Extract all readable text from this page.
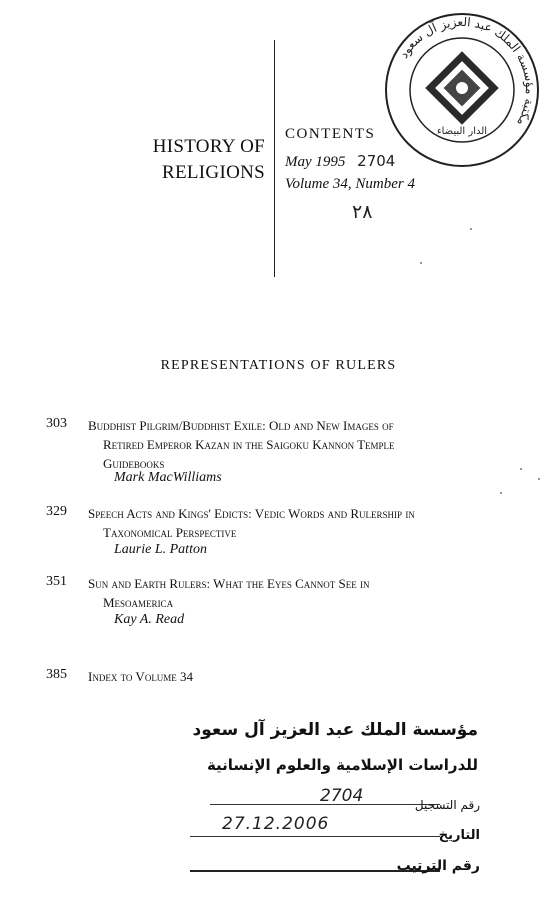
HISTORY OF
RELIGIONS
CONTENTS
May 1995 2704
Volume 34, Number 4
٢٨
مكتبة مؤسسة الملك عبد العزيز آل سعود
الدار البيضاء
REPRESENTATIONS OF RULERS
303 Buddhist Pilgrim/Buddhist Exile: Old and New Images of
Retired Emperor Kazan in the Saigoku Kannon Temple
Guidebooks
Mark MacWilliams
329 Speech Acts and Kings' Edicts: Vedic Words and Rulership in
Taxonomical Perspective
Laurie L. Patton
351 Sun and Earth Rulers: What the Eyes Cannot See in
Mesoamerica
Kay A. Read
385 Index to Volume 34
مؤسسة الملك عبد العزيز آل سعود
للدراسات الإسلامية والعلوم الإنسانية
رقم التسجيل
2704
التاريخ
27.12.2006
رقم الترتيب
